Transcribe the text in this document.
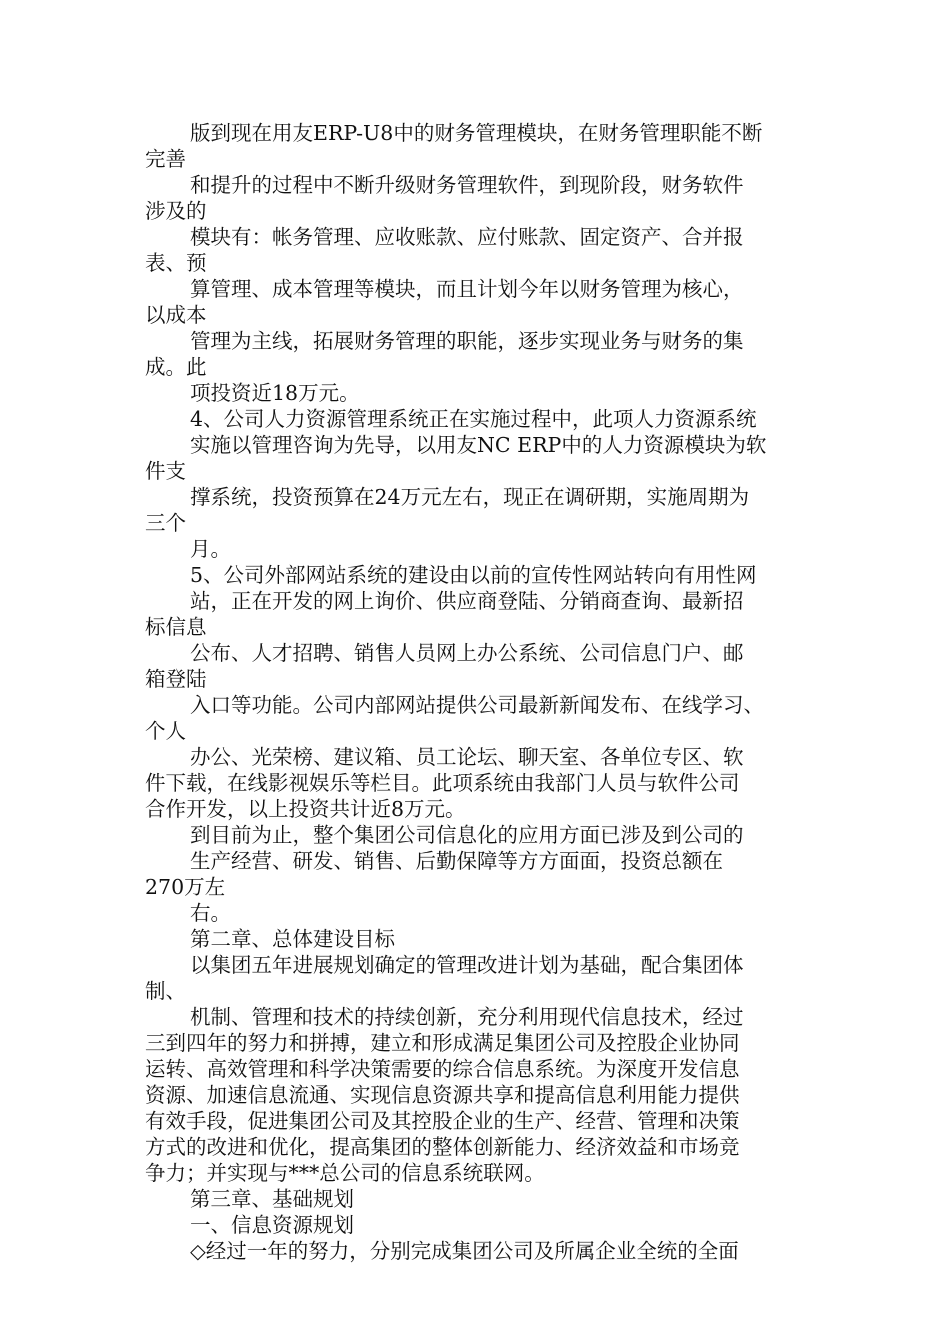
版到现在用友ERP-U8中的财务管理模块，在财务管理职能不断
完善
和提升的过程中不断升级财务管理软件，到现阶段，财务软件
涉及的
模块有：帐务管理、应收账款、应付账款、固定资产、合并报
表、预
算管理、成本管理等模块，而且计划今年以财务管理为核心，
以成本
管理为主线，拓展财务管理的职能，逐步实现业务与财务的集
成。此
项投资近18万元。
4、公司人力资源管理系统正在实施过程中，此项人力资源系统
实施以管理咨询为先导，以用友NC ERP中的人力资源模块为软
件支
撑系统，投资预算在24万元左右，现正在调研期，实施周期为
三个
月。
5、公司外部网站系统的建设由以前的宣传性网站转向有用性网
站，正在开发的网上询价、供应商登陆、分销商查询、最新招
标信息
公布、人才招聘、销售人员网上办公系统、公司信息门户、邮
箱登陆
入口等功能。公司内部网站提供公司最新新闻发布、在线学习、
个人
办公、光荣榜、建议箱、员工论坛、聊天室、各单位专区、软
件下载，在线影视娱乐等栏目。此项系统由我部门人员与软件公司
合作开发，以上投资共计近8万元。
到目前为止，整个集团公司信息化的应用方面已涉及到公司的
生产经营、研发、销售、后勤保障等方方面面，投资总额在
270万左
右。
第二章、总体建设目标
以集团五年进展规划确定的管理改进计划为基础，配合集团体
制、
机制、管理和技术的持续创新，充分利用现代信息技术，经过
三到四年的努力和拼搏，建立和形成满足集团公司及控股企业协同
运转、高效管理和科学决策需要的综合信息系统。为深度开发信息
资源、加速信息流通、实现信息资源共享和提高信息利用能力提供
有效手段，促进集团公司及其控股企业的生产、经营、管理和决策
方式的改进和优化，提高集团的整体创新能力、经济效益和市场竞
争力；并实现与***总公司的信息系统联网。
第三章、基础规划
一、信息资源规划
◇经过一年的努力，分别完成集团公司及所属企业全统的全面
